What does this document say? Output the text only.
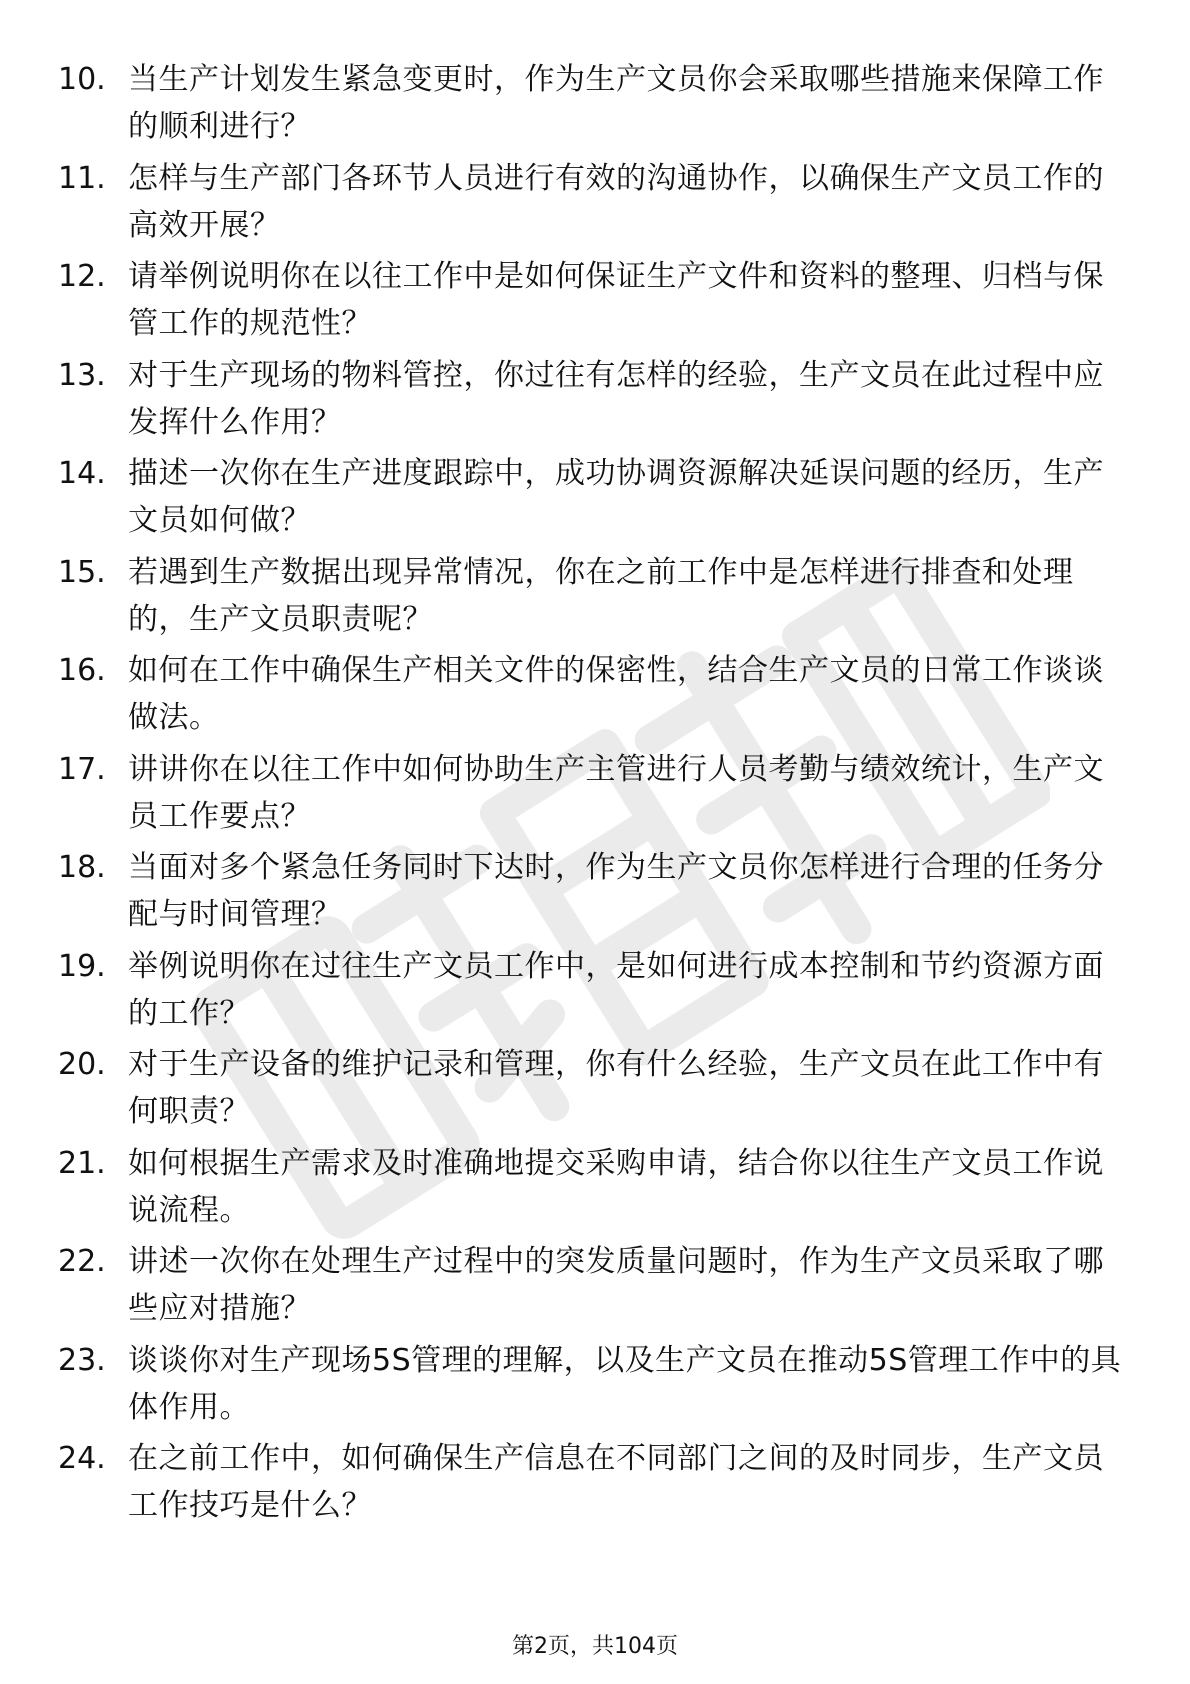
10. 当生产计划发生紧急变更时，作为生产文员你会采取哪些措施来保障工作的顺利进行？
11. 怎样与生产部门各环节人员进行有效的沟通协作，以确保生产文员工作的高效开展？
12. 请举例说明你在以往工作中是如何保证生产文件和资料的整理、归档与保管工作的规范性？
13. 对于生产现场的物料管控，你过往有怎样的经验，生产文员在此过程中应发挥什么作用？
14. 描述一次你在生产进度跟踪中，成功协调资源解决延误问题的经历，生产文员如何做？
15. 若遇到生产数据出现异常情况，你在之前工作中是怎样进行排查和处理的，生产文员职责呢？
16. 如何在工作中确保生产相关文件的保密性，结合生产文员的日常工作谈谈做法。
17. 讲讲你在以往工作中如何协助生产主管进行人员考勤与绩效统计，生产文员工作要点？
18. 当面对多个紧急任务同时下达时，作为生产文员你怎样进行合理的任务分配与时间管理？
19. 举例说明你在过往生产文员工作中，是如何进行成本控制和节约资源方面的工作？
20. 对于生产设备的维护记录和管理，你有什么经验，生产文员在此工作中有何职责？
21. 如何根据生产需求及时准确地提交采购申请，结合你以往生产文员工作说说流程。
22. 讲述一次你在处理生产过程中的突发质量问题时，作为生产文员采取了哪些应对措施？
23. 谈谈你对生产现场5S管理的理解，以及生产文员在推动5S管理工作中的具体作用。
24. 在之前工作中，如何确保生产信息在不同部门之间的及时同步，生产文员工作技巧是什么？
第2页，共104页
